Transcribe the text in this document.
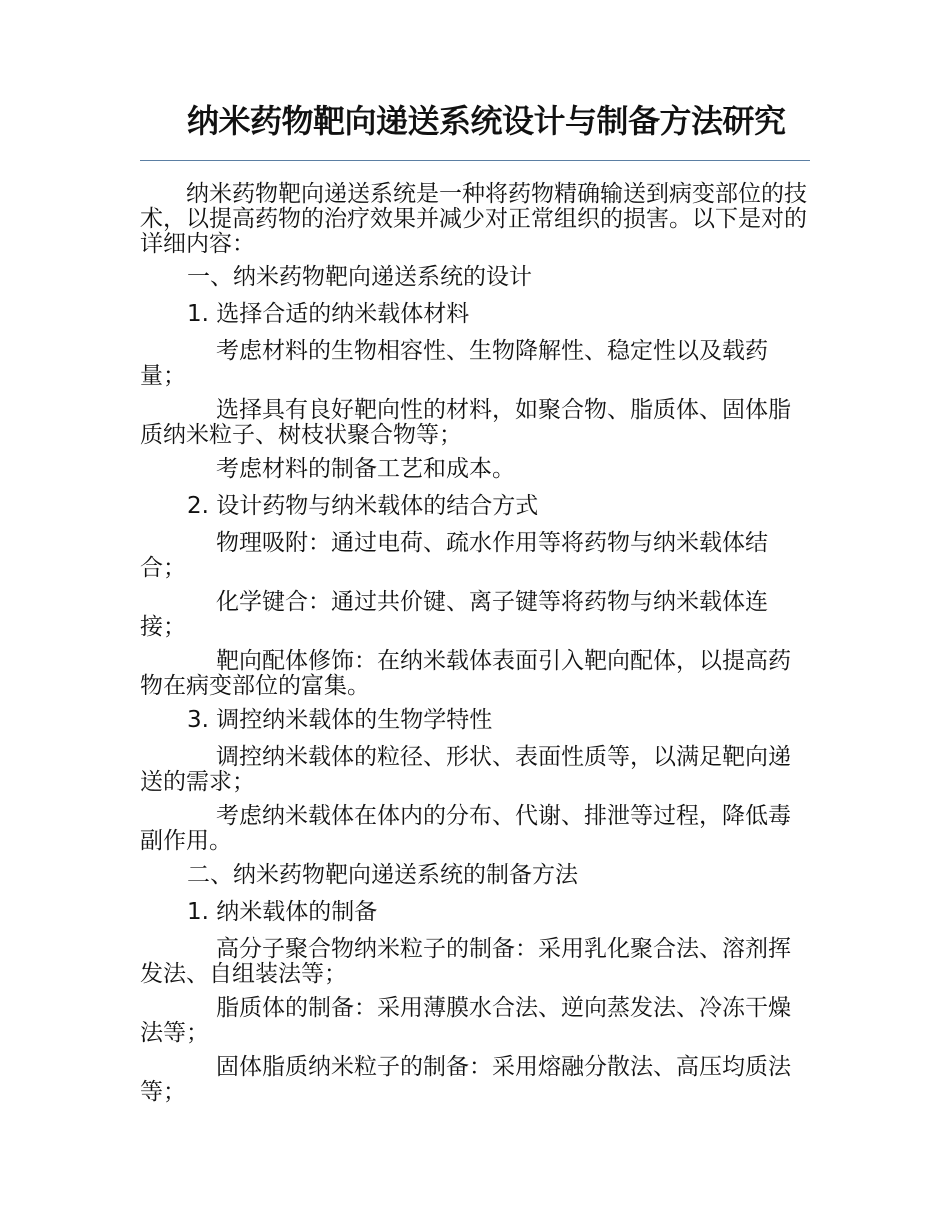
纳米药物靶向递送系统设计与制备方法研究

纳米药物靶向递送系统是一种将药物精确输送到病变部位的技术，以提高药物的治疗效果并减少对正常组织的损害。以下是对的详细内容：

一、纳米药物靶向递送系统的设计

1. 选择合适的纳米载体材料

考虑材料的生物相容性、生物降解性、稳定性以及载药量；

选择具有良好靶向性的材料，如聚合物、脂质体、固体脂质纳米粒子、树枝状聚合物等；

考虑材料的制备工艺和成本。

2. 设计药物与纳米载体的结合方式

物理吸附：通过电荷、疏水作用等将药物与纳米载体结合；

化学键合：通过共价键、离子键等将药物与纳米载体连接；

靶向配体修饰：在纳米载体表面引入靶向配体，以提高药物在病变部位的富集。

3. 调控纳米载体的生物学特性

调控纳米载体的粒径、形状、表面性质等，以满足靶向递送的需求；

考虑纳米载体在体内的分布、代谢、排泄等过程，降低毒副作用。

二、纳米药物靶向递送系统的制备方法

1. 纳米载体的制备

高分子聚合物纳米粒子的制备：采用乳化聚合法、溶剂挥发法、自组装法等；

脂质体的制备：采用薄膜水合法、逆向蒸发法、冷冻干燥法等；

固体脂质纳米粒子的制备：采用熔融分散法、高压均质法等；
